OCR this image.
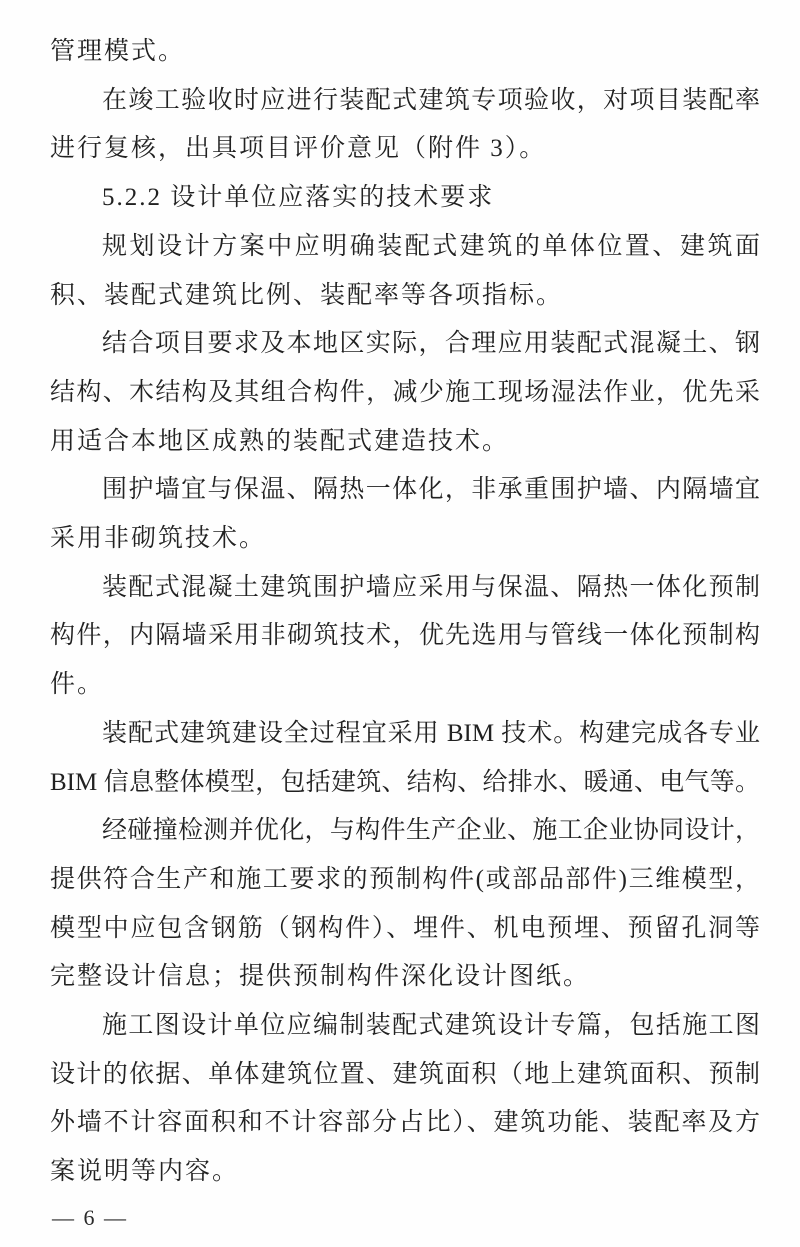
管理模式。
在竣工验收时应进行装配式建筑专项验收，对项目装配率
进行复核，出具项目评价意见（附件 3）。
5.2.2 设计单位应落实的技术要求
规划设计方案中应明确装配式建筑的单体位置、建筑面
积、装配式建筑比例、装配率等各项指标。
结合项目要求及本地区实际，合理应用装配式混凝土、钢
结构、木结构及其组合构件，减少施工现场湿法作业，优先采
用适合本地区成熟的装配式建造技术。
围护墙宜与保温、隔热一体化，非承重围护墙、内隔墙宜
采用非砌筑技术。
装配式混凝土建筑围护墙应采用与保温、隔热一体化预制
构件，内隔墙采用非砌筑技术，优先选用与管线一体化预制构
件。
装配式建筑建设全过程宜采用 BIM 技术。构建完成各专业
BIM 信息整体模型，包括建筑、结构、给排水、暖通、电气等。
经碰撞检测并优化，与构件生产企业、施工企业协同设计，
提供符合生产和施工要求的预制构件(或部品部件)三维模型，
模型中应包含钢筋（钢构件）、埋件、机电预埋、预留孔洞等
完整设计信息；提供预制构件深化设计图纸。
施工图设计单位应编制装配式建筑设计专篇，包括施工图
设计的依据、单体建筑位置、建筑面积（地上建筑面积、预制
外墙不计容面积和不计容部分占比）、建筑功能、装配率及方
案说明等内容。
— 6 —
